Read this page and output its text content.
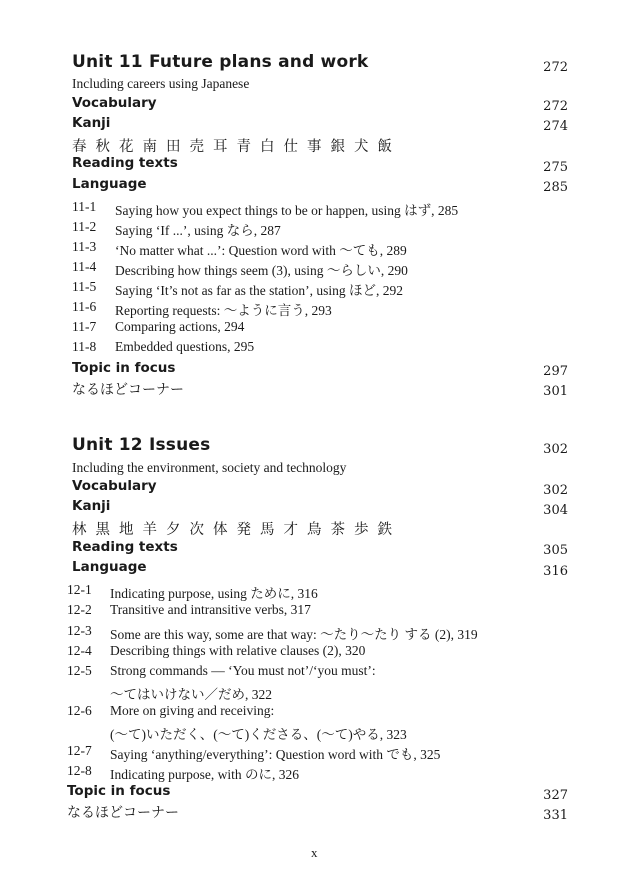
Unit 11 Future plans and work	272
Including careers using Japanese
Vocabulary	272
Kanji	274
春秋花南田売耳青白仕事銀犬飯
Reading texts	275
Language	285
11-1 Saying how you expect things to be or happen, using はず, 285
11-2 Saying ‘If ...’, using なら, 287
11-3 ‘No matter what ...’: Question word with ～ても, 289
11-4 Describing how things seem (3), using ～らしい, 290
11-5 Saying ‘It’s not as far as the station’, using ほど, 292
11-6 Reporting requests: ～ように言う, 293
11-7 Comparing actions, 294
11-8 Embedded questions, 295
Topic in focus	297
なるほどコーナー	301
Unit 12 Issues	302
Including the environment, society and technology
Vocabulary	302
Kanji	304
林黒地羊夕次体発馬才鳥茶歩鉄
Reading texts	305
Language	316
12-1 Indicating purpose, using ために, 316
12-2 Transitive and intransitive verbs, 317
12-3 Some are this way, some are that way: ～たり～たり する (2), 319
12-4 Describing things with relative clauses (2), 320
12-5 Strong commands — ‘You must not’/‘you must’:
～てはいけない／だめ, 322
12-6 More on giving and receiving:
(～て)いただく、(～て)くださる、(～て)やる, 323
12-7 Saying ‘anything/everything’: Question word with でも, 325
12-8 Indicating purpose, with のに, 326
Topic in focus	327
なるほどコーナー	331
x
